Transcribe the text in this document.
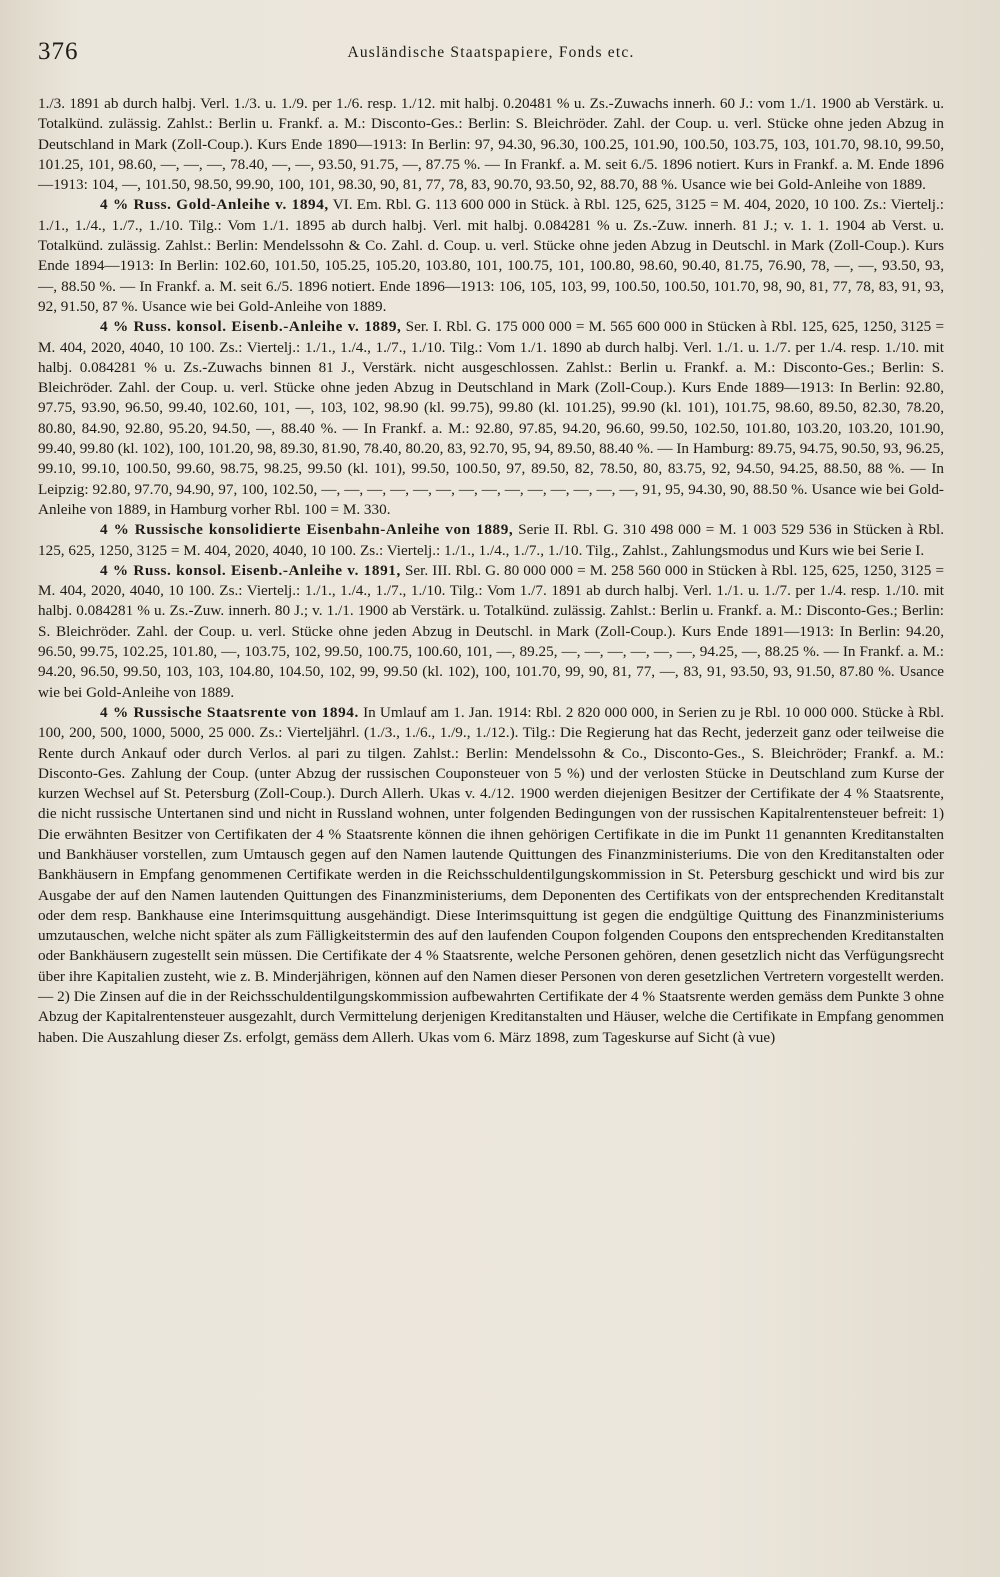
376	Ausländische Staatspapiere, Fonds etc.

1./3. 1891 ab durch halbj. Verl. 1./3. u. 1./9. per 1./6. resp. 1./12. mit halbj. 0.20481 % u. Zs.-Zuwachs innerh. 60 J.: vom 1./1. 1900 ab Verstärk. u. Totalkünd. zulässig. Zahlst.: Berlin u. Frankf. a. M.: Disconto-Ges.: Berlin: S. Bleichröder. Zahl. der Coup. u. verl. Stücke ohne jeden Abzug in Deutschland in Mark (Zoll-Coup.). Kurs Ende 1890—1913: In Berlin: 97, 94.30, 96.30, 100.25, 101.90, 100.50, 103.75, 103, 101.70, 98.10, 99.50, 101.25, 101, 98.60, —, —, —, 78.40, —, —, 93.50, 91.75, —, 87.75 %. — In Frankf. a. M. seit 6./5. 1896 notiert. Kurs in Frankf. a. M. Ende 1896—1913: 104, —, 101.50, 98.50, 99.90, 100, 101, 98.30, 90, 81, 77, 78, 83, 90.70, 93.50, 92, 88.70, 88 %. Usance wie bei Gold-Anleihe von 1889.

4 % Russ. Gold-Anleihe v. 1894, VI. Em. Rbl. G. 113 600 000 in Stück. à Rbl. 125, 625, 3125 = M. 404, 2020, 10 100. Zs.: Viertelj.: 1./1., 1./4., 1./7., 1./10. Tilg.: Vom 1./1. 1895 ab durch halbj. Verl. mit halbj. 0.084281 % u. Zs.-Zuw. innerh. 81 J.; v. 1. 1. 1904 ab Verst. u. Totalkünd. zulässig. Zahlst.: Berlin: Mendelssohn & Co. Zahl. d. Coup. u. verl. Stücke ohne jeden Abzug in Deutschl. in Mark (Zoll-Coup.). Kurs Ende 1894—1913: In Berlin: 102.60, 101.50, 105.25, 105.20, 103.80, 101, 100.75, 101, 100.80, 98.60, 90.40, 81.75, 76.90, 78, —, —, 93.50, 93, —, 88.50 %. — In Frankf. a. M. seit 6./5. 1896 notiert. Ende 1896—1913: 106, 105, 103, 99, 100.50, 100.50, 101.70, 98, 90, 81, 77, 78, 83, 91, 93, 92, 91.50, 87 %. Usance wie bei Gold-Anleihe von 1889.

4 % Russ. konsol. Eisenb.-Anleihe v. 1889, Ser. I. Rbl. G. 175 000 000 = M. 565 600 000 in Stücken à Rbl. 125, 625, 1250, 3125 = M. 404, 2020, 4040, 10 100. Zs.: Viertelj.: 1./1., 1./4., 1./7., 1./10. Tilg.: Vom 1./1. 1890 ab durch halbj. Verl. 1./1. u. 1./7. per 1./4. resp. 1./10. mit halbj. 0.084281 % u. Zs.-Zuwachs binnen 81 J., Verstärk. nicht ausgeschlossen. Zahlst.: Berlin u. Frankf. a. M.: Disconto-Ges.; Berlin: S. Bleichröder. Zahl. der Coup. u. verl. Stücke ohne jeden Abzug in Deutschland in Mark (Zoll-Coup.). Kurs Ende 1889—1913: In Berlin: 92.80, 97.75, 93.90, 96.50, 99.40, 102.60, 101, —, 103, 102, 98.90 (kl. 99.75), 99.80 (kl. 101.25), 99.90 (kl. 101), 101.75, 98.60, 89.50, 82.30, 78.20, 80.80, 84.90, 92.80, 95.20, 94.50, —, 88.40 %. — In Frankf. a. M.: 92.80, 97.85, 94.20, 96.60, 99.50, 102.50, 101.80, 103.20, 103.20, 101.90, 99.40, 99.80 (kl. 102), 100, 101.20, 98, 89.30, 81.90, 78.40, 80.20, 83, 92.70, 95, 94, 89.50, 88.40 %. — In Hamburg: 89.75, 94.75, 90.50, 93, 96.25, 99.10, 99.10, 100.50, 99.60, 98.75, 98.25, 99.50 (kl. 101), 99.50, 100.50, 97, 89.50, 82, 78.50, 80, 83.75, 92, 94.50, 94.25, 88.50, 88 %. — In Leipzig: 92.80, 97.70, 94.90, 97, 100, 102.50, —, —, —, —, —, —, —, —, —, —, —, —, —, —, 91, 95, 94.30, 90, 88.50 %. Usance wie bei Gold-Anleihe von 1889, in Hamburg vorher Rbl. 100 = M. 330.

4 % Russische konsolidierte Eisenbahn-Anleihe von 1889, Serie II. Rbl. G. 310 498 000 = M. 1 003 529 536 in Stücken à Rbl. 125, 625, 1250, 3125 = M. 404, 2020, 4040, 10 100. Zs.: Viertelj.: 1./1., 1./4., 1./7., 1./10. Tilg., Zahlst., Zahlungsmodus und Kurs wie bei Serie I.

4 % Russ. konsol. Eisenb.-Anleihe v. 1891, Ser. III. Rbl. G. 80 000 000 = M. 258 560 000 in Stücken à Rbl. 125, 625, 1250, 3125 = M. 404, 2020, 4040, 10 100. Zs.: Viertelj.: 1./1., 1./4., 1./7., 1./10. Tilg.: Vom 1./7. 1891 ab durch halbj. Verl. 1./1. u. 1./7. per 1./4. resp. 1./10. mit halbj. 0.084281 % u. Zs.-Zuw. innerh. 80 J.; v. 1./1. 1900 ab Verstärk. u. Totalkünd. zulässig. Zahlst.: Berlin u. Frankf. a. M.: Disconto-Ges.; Berlin: S. Bleichröder. Zahl. der Coup. u. verl. Stücke ohne jeden Abzug in Deutschl. in Mark (Zoll-Coup.). Kurs Ende 1891—1913: In Berlin: 94.20, 96.50, 99.75, 102.25, 101.80, —, 103.75, 102, 99.50, 100.75, 100.60, 101, —, 89.25, —, —, —, —, —, —, 94.25, —, 88.25 %. — In Frankf. a. M.: 94.20, 96.50, 99.50, 103, 103, 104.80, 104.50, 102, 99, 99.50 (kl. 102), 100, 101.70, 99, 90, 81, 77, —, 83, 91, 93.50, 93, 91.50, 87.80 %. Usance wie bei Gold-Anleihe von 1889.

4 % Russische Staatsrente von 1894. In Umlauf am 1. Jan. 1914: Rbl. 2 820 000 000, in Serien zu je Rbl. 10 000 000. Stücke à Rbl. 100, 200, 500, 1000, 5000, 25 000. Zs.: Vierteljährl. (1./3., 1./6., 1./9., 1./12.). Tilg.: Die Regierung hat das Recht, jederzeit ganz oder teilweise die Rente durch Ankauf oder durch Verlos. al pari zu tilgen. Zahlst.: Berlin: Mendelssohn & Co., Disconto-Ges., S. Bleichröder; Frankf. a. M.: Disconto-Ges. Zahlung der Coup. (unter Abzug der russischen Couponsteuer von 5 %) und der verlosten Stücke in Deutschland zum Kurse der kurzen Wechsel auf St. Petersburg (Zoll-Coup.). Durch Allerh. Ukas v. 4./12. 1900 werden diejenigen Besitzer der Certifikate der 4 % Staatsrente, die nicht russische Untertanen sind und nicht in Russland wohnen, unter folgenden Bedingungen von der russischen Kapitalrentensteuer befreit: 1) Die erwähnten Besitzer von Certifikaten der 4 % Staatsrente können die ihnen gehörigen Certifikate in die im Punkt 11 genannten Kreditanstalten und Bankhäuser vorstellen, zum Umtausch gegen auf den Namen lautende Quittungen des Finanzministeriums. Die von den Kreditanstalten oder Bankhäusern in Empfang genommenen Certifikate werden in die Reichsschuldentilgungskommission in St. Petersburg geschickt und wird bis zur Ausgabe der auf den Namen lautenden Quittungen des Finanzministeriums, dem Deponenten des Certifikats von der entsprechenden Kreditanstalt oder dem resp. Bankhause eine Interimsquittung ausgehändigt. Diese Interimsquittung ist gegen die endgültige Quittung des Finanzministeriums umzutauschen, welche nicht später als zum Fälligkeitstermin des auf den laufenden Coupon folgenden Coupons den entsprechenden Kreditanstalten oder Bankhäusern zugestellt sein müssen. Die Certifikate der 4 % Staatsrente, welche Personen gehören, denen gesetzlich nicht das Verfügungsrecht über ihre Kapitalien zusteht, wie z. B. Minderjährigen, können auf den Namen dieser Personen von deren gesetzlichen Vertretern vorgestellt werden. — 2) Die Zinsen auf die in der Reichsschuldentilgungskommission aufbewahrten Certifikate der 4 % Staatsrente werden gemäss dem Punkte 3 ohne Abzug der Kapitalrentensteuer ausgezahlt, durch Vermittelung derjenigen Kreditanstalten und Häuser, welche die Certifikate in Empfang genommen haben. Die Auszahlung dieser Zs. erfolgt, gemäss dem Allerh. Ukas vom 6. März 1898, zum Tageskurse auf Sicht (à vue)
